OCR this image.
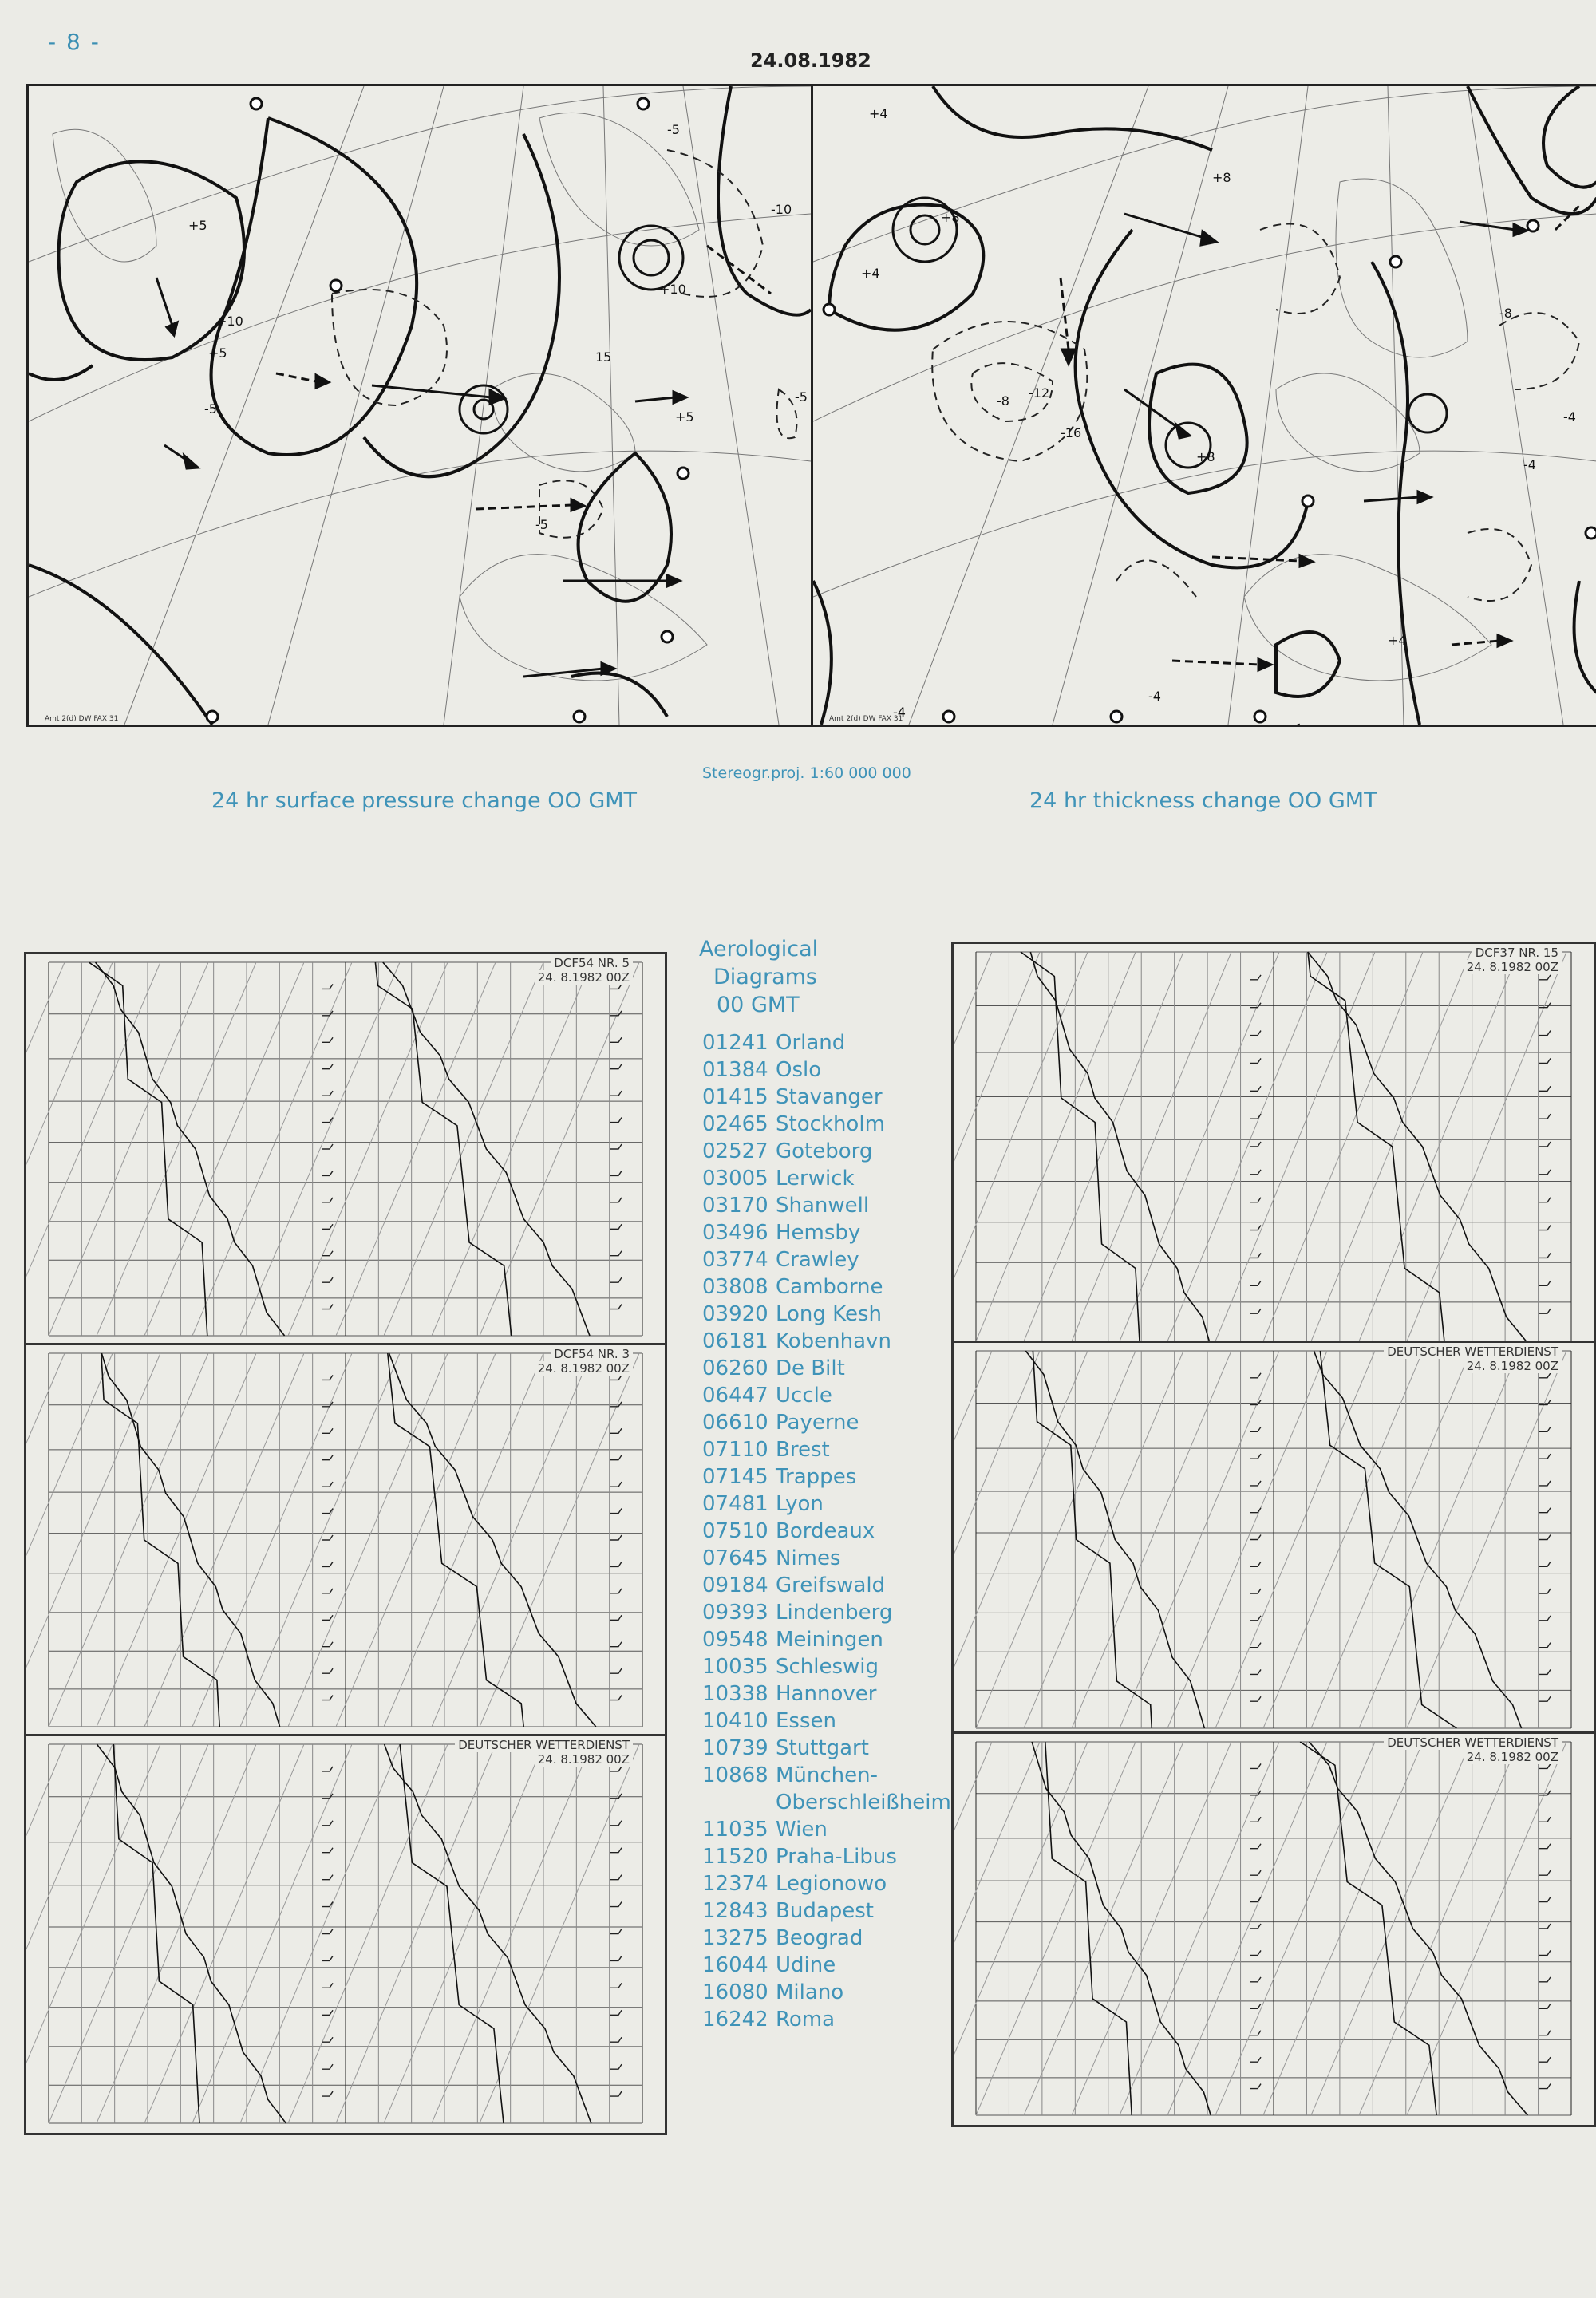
- 8 -
24.08.1982
+5
-5
-5
-10
+10
+10
+5
+5
-5
-5
15
Amt 2(d) DW FAX 31
+4
+8
+4
+8
-8
-12
+8
-16
-4
+4
-8
-4
-4
-4
Amt 2(d) DW FAX 31
24 hr surface pressure change OO GMT
Stereogr.proj. 1:60 000 000
24 hr thickness change OO GMT
DCF54 NR. 5
24. 8.1982 00Z
DCF54 NR. 3
24. 8.1982 00Z
DEUTSCHER WETTERDIENST
24. 8.1982 00Z
DCF37 NR. 15
24. 8.1982 00Z
DEUTSCHER WETTERDIENST
24. 8.1982 00Z
DEUTSCHER WETTERDIENST
24. 8.1982 00Z
Aerological
Diagrams
00 GMT
01241 Orland
01384 Oslo
01415 Stavanger
02465 Stockholm
02527 Goteborg
03005 Lerwick
03170 Shanwell
03496 Hemsby
03774 Crawley
03808 Camborne
03920 Long Kesh
06181 Kobenhavn
06260 De Bilt
06447 Uccle
06610 Payerne
07110 Brest
07145 Trappes
07481 Lyon
07510 Bordeaux
07645 Nimes
09184 Greifswald
09393 Lindenberg
09548 Meiningen
10035 Schleswig
10338 Hannover
10410 Essen
10739 Stuttgart
10868 München-
Oberschleißheim
11035 Wien
11520 Praha-Libus
12374 Legionowo
12843 Budapest
13275 Beograd
16044 Udine
16080 Milano
16242 Roma
